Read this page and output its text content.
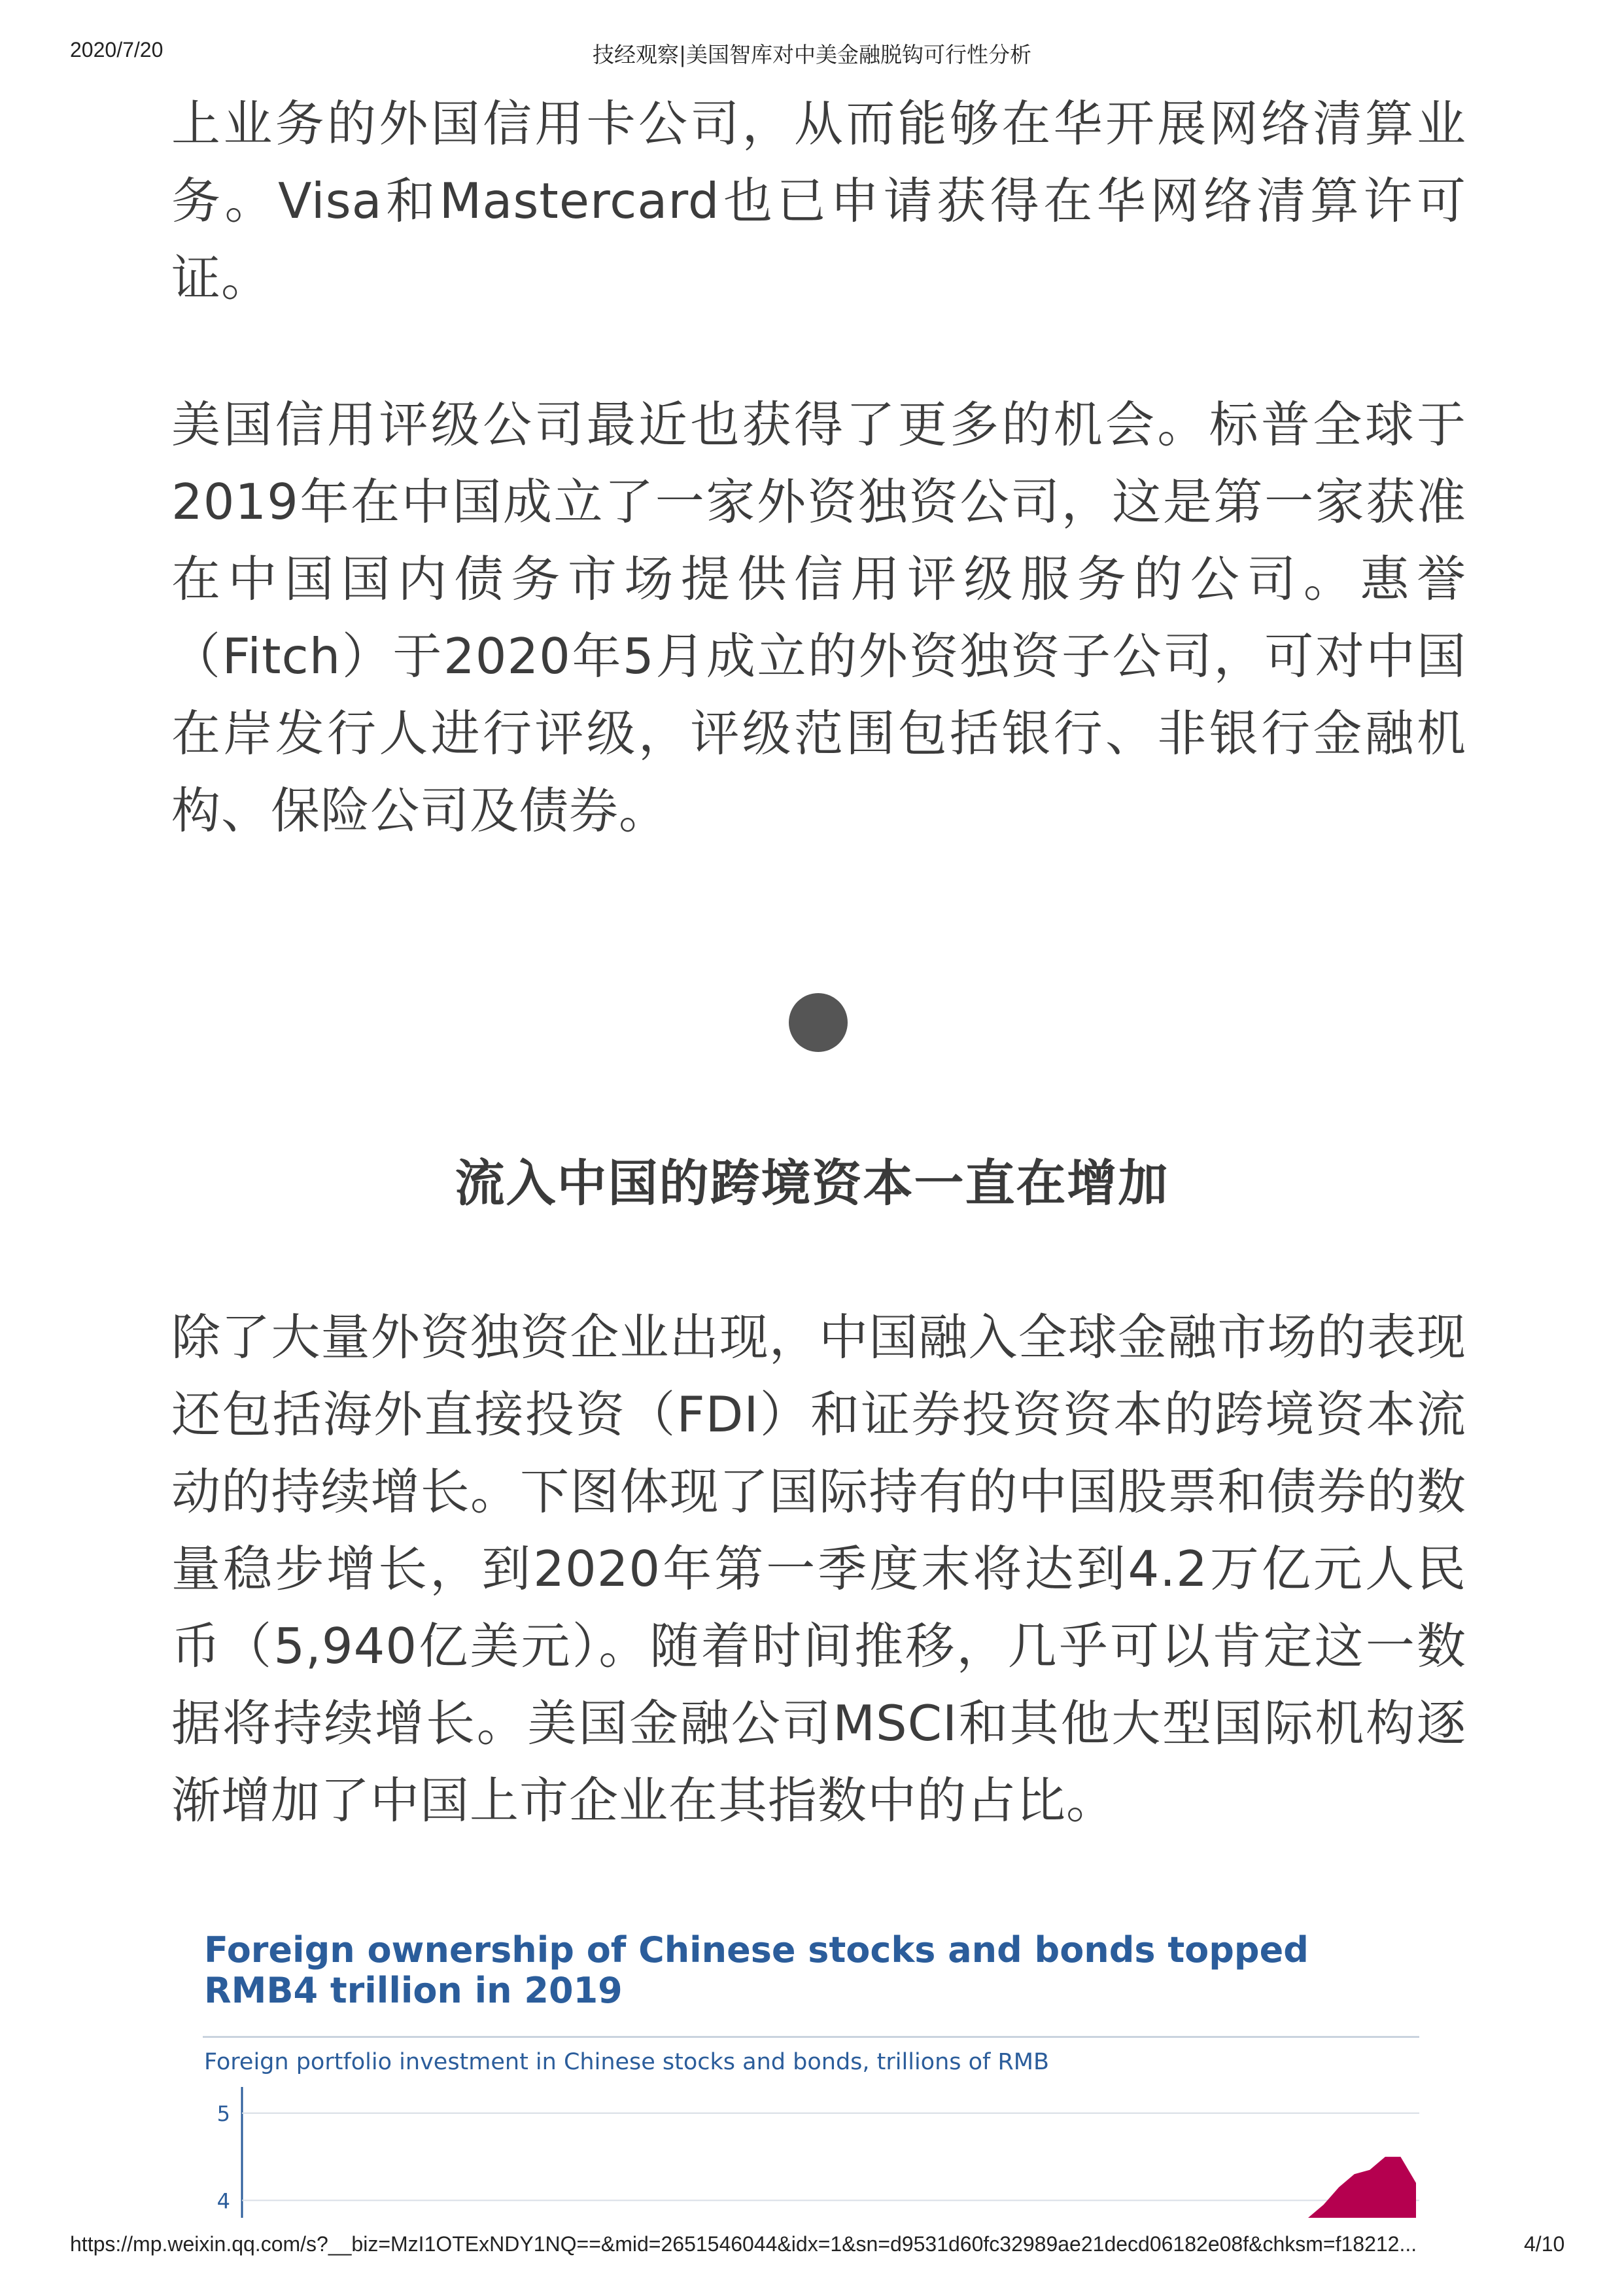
2020/7/20	技经观察|美国智库对中美金融脱钩可行性分析

上业务的外国信用卡公司，从而能够在华开展网络清算业务。Visa和Mastercard也已申请获得在华网络清算许可证。

美国信用评级公司最近也获得了更多的机会。标普全球于2019年在中国成立了一家外资独资公司，这是第一家获准在中国国内债务市场提供信用评级服务的公司。惠誉（Fitch）于2020年5月成立的外资独资子公司，可对中国在岸发行人进行评级，评级范围包括银行、非银行金融机构、保险公司及债券。

流入中国的跨境资本一直在增加

除了大量外资独资企业出现，中国融入全球金融市场的表现还包括海外直接投资（FDI）和证券投资资本的跨境资本流动的持续增长。下图体现了国际持有的中国股票和债券的数量稳步增长，到2020年第一季度末将达到4.2万亿元人民币（5,940亿美元）。随着时间推移，几乎可以肯定这一数据将持续增长。美国金融公司MSCI和其他大型国际机构逐渐增加了中国上市企业在其指数中的占比。

Foreign ownership of Chinese stocks and bonds topped
RMB4 trillion in 2019
Foreign portfolio investment in Chinese stocks and bonds, trillions of RMB
5
4
https://mp.weixin.qq.com/s?__biz=MzI1OTExNDY1NQ==&mid=2651546044&idx=1&sn=d9531d60fc32989ae21decd06182e08f&chksm=f18212...	4/10
